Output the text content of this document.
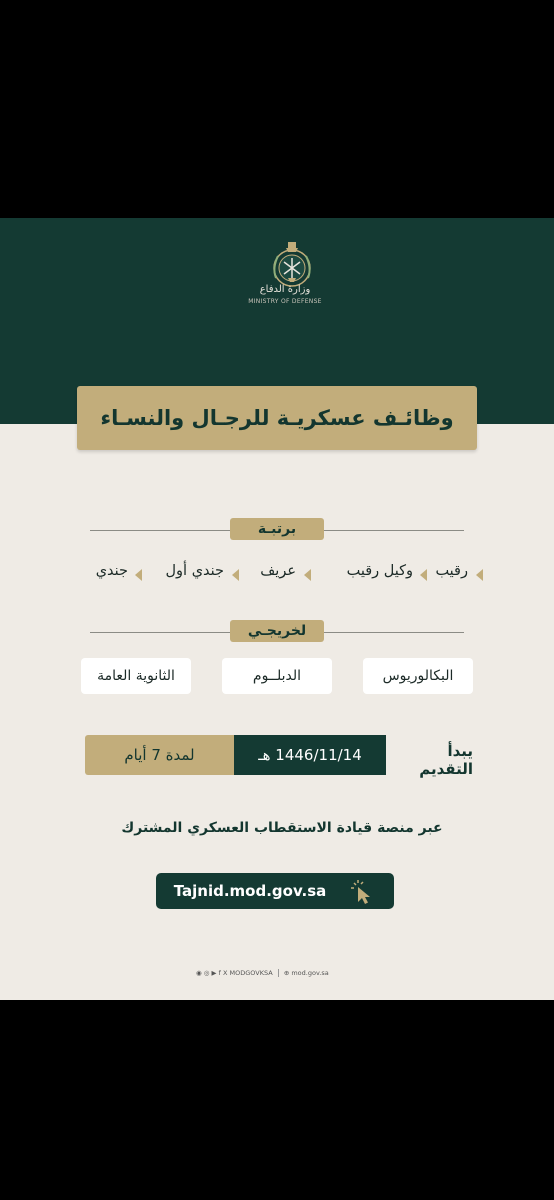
وزارة الدفاع
MINISTRY OF DEFENSE
وظائـف عسكريـة للرجـال والنسـاء
برتبـة
رقيب
وكيل رقيب
عريف
جندي أول
جندي
لخريجـي
البكالوريوس
الدبلــوم
الثانوية العامة
يبدأ التقديم
1446/11/14 هـ
لمدة 7 أيام
عبر منصة قيادة الاستقطاب العسكري المشترك
Tajnid.mod.gov.sa
◉ ◎ ▶ f X MODGOVKSA ⊕ mod.gov.sa
